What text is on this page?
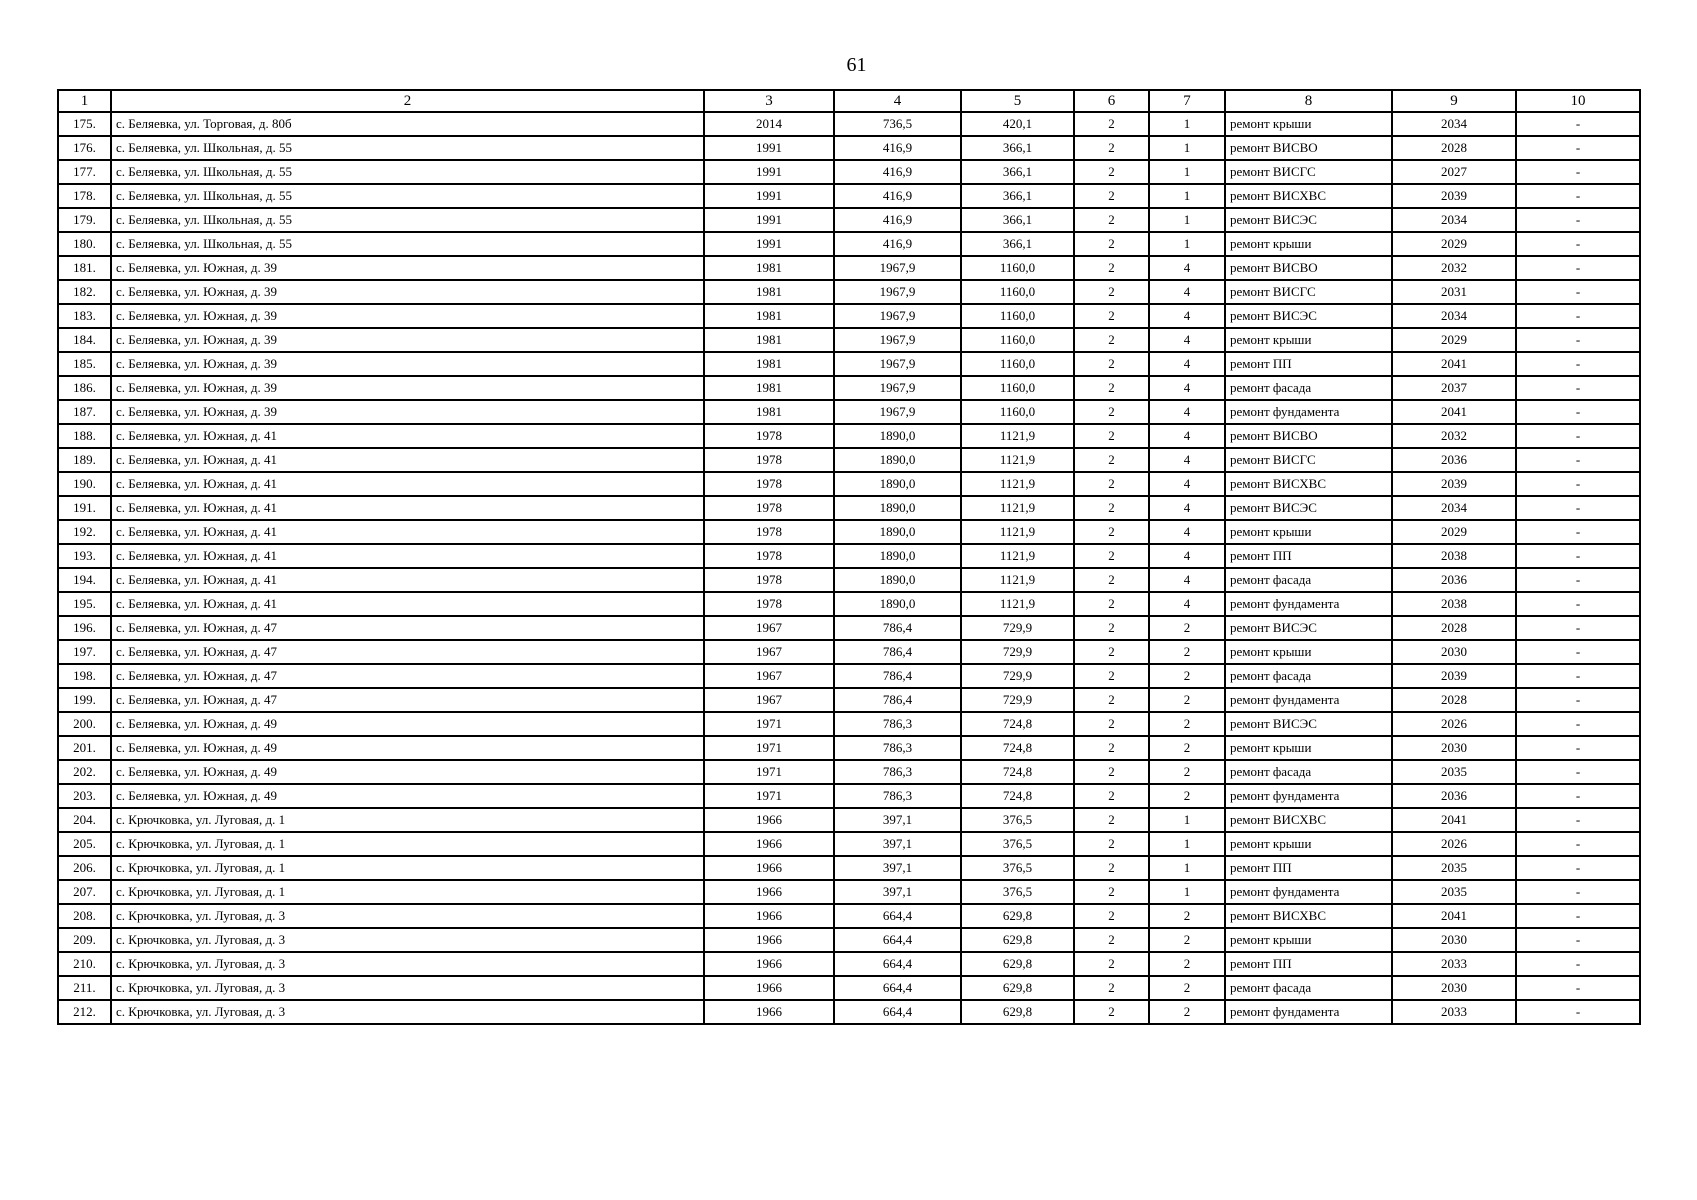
61
1	2	3	4	5	6	7	8	9	10
175.	с. Беляевка, ул. Торговая, д. 80б	2014	736,5	420,1	2	1	ремонт крыши	2034	-
176.	с. Беляевка, ул. Школьная, д. 55	1991	416,9	366,1	2	1	ремонт ВИСВО	2028	-
177.	с. Беляевка, ул. Школьная, д. 55	1991	416,9	366,1	2	1	ремонт ВИСГС	2027	-
178.	с. Беляевка, ул. Школьная, д. 55	1991	416,9	366,1	2	1	ремонт ВИСХВС	2039	-
179.	с. Беляевка, ул. Школьная, д. 55	1991	416,9	366,1	2	1	ремонт ВИСЭС	2034	-
180.	с. Беляевка, ул. Школьная, д. 55	1991	416,9	366,1	2	1	ремонт крыши	2029	-
181.	с. Беляевка, ул. Южная, д. 39	1981	1967,9	1160,0	2	4	ремонт ВИСВО	2032	-
182.	с. Беляевка, ул. Южная, д. 39	1981	1967,9	1160,0	2	4	ремонт ВИСГС	2031	-
183.	с. Беляевка, ул. Южная, д. 39	1981	1967,9	1160,0	2	4	ремонт ВИСЭС	2034	-
184.	с. Беляевка, ул. Южная, д. 39	1981	1967,9	1160,0	2	4	ремонт крыши	2029	-
185.	с. Беляевка, ул. Южная, д. 39	1981	1967,9	1160,0	2	4	ремонт ПП	2041	-
186.	с. Беляевка, ул. Южная, д. 39	1981	1967,9	1160,0	2	4	ремонт фасада	2037	-
187.	с. Беляевка, ул. Южная, д. 39	1981	1967,9	1160,0	2	4	ремонт фундамента	2041	-
188.	с. Беляевка, ул. Южная, д. 41	1978	1890,0	1121,9	2	4	ремонт ВИСВО	2032	-
189.	с. Беляевка, ул. Южная, д. 41	1978	1890,0	1121,9	2	4	ремонт ВИСГС	2036	-
190.	с. Беляевка, ул. Южная, д. 41	1978	1890,0	1121,9	2	4	ремонт ВИСХВС	2039	-
191.	с. Беляевка, ул. Южная, д. 41	1978	1890,0	1121,9	2	4	ремонт ВИСЭС	2034	-
192.	с. Беляевка, ул. Южная, д. 41	1978	1890,0	1121,9	2	4	ремонт крыши	2029	-
193.	с. Беляевка, ул. Южная, д. 41	1978	1890,0	1121,9	2	4	ремонт ПП	2038	-
194.	с. Беляевка, ул. Южная, д. 41	1978	1890,0	1121,9	2	4	ремонт фасада	2036	-
195.	с. Беляевка, ул. Южная, д. 41	1978	1890,0	1121,9	2	4	ремонт фундамента	2038	-
196.	с. Беляевка, ул. Южная, д. 47	1967	786,4	729,9	2	2	ремонт ВИСЭС	2028	-
197.	с. Беляевка, ул. Южная, д. 47	1967	786,4	729,9	2	2	ремонт крыши	2030	-
198.	с. Беляевка, ул. Южная, д. 47	1967	786,4	729,9	2	2	ремонт фасада	2039	-
199.	с. Беляевка, ул. Южная, д. 47	1967	786,4	729,9	2	2	ремонт фундамента	2028	-
200.	с. Беляевка, ул. Южная, д. 49	1971	786,3	724,8	2	2	ремонт ВИСЭС	2026	-
201.	с. Беляевка, ул. Южная, д. 49	1971	786,3	724,8	2	2	ремонт крыши	2030	-
202.	с. Беляевка, ул. Южная, д. 49	1971	786,3	724,8	2	2	ремонт фасада	2035	-
203.	с. Беляевка, ул. Южная, д. 49	1971	786,3	724,8	2	2	ремонт фундамента	2036	-
204.	с. Крючковка, ул. Луговая, д. 1	1966	397,1	376,5	2	1	ремонт ВИСХВС	2041	-
205.	с. Крючковка, ул. Луговая, д. 1	1966	397,1	376,5	2	1	ремонт крыши	2026	-
206.	с. Крючковка, ул. Луговая, д. 1	1966	397,1	376,5	2	1	ремонт ПП	2035	-
207.	с. Крючковка, ул. Луговая, д. 1	1966	397,1	376,5	2	1	ремонт фундамента	2035	-
208.	с. Крючковка, ул. Луговая, д. 3	1966	664,4	629,8	2	2	ремонт ВИСХВС	2041	-
209.	с. Крючковка, ул. Луговая, д. 3	1966	664,4	629,8	2	2	ремонт крыши	2030	-
210.	с. Крючковка, ул. Луговая, д. 3	1966	664,4	629,8	2	2	ремонт ПП	2033	-
211.	с. Крючковка, ул. Луговая, д. 3	1966	664,4	629,8	2	2	ремонт фасада	2030	-
212.	с. Крючковка, ул. Луговая, д. 3	1966	664,4	629,8	2	2	ремонт фундамента	2033	-
